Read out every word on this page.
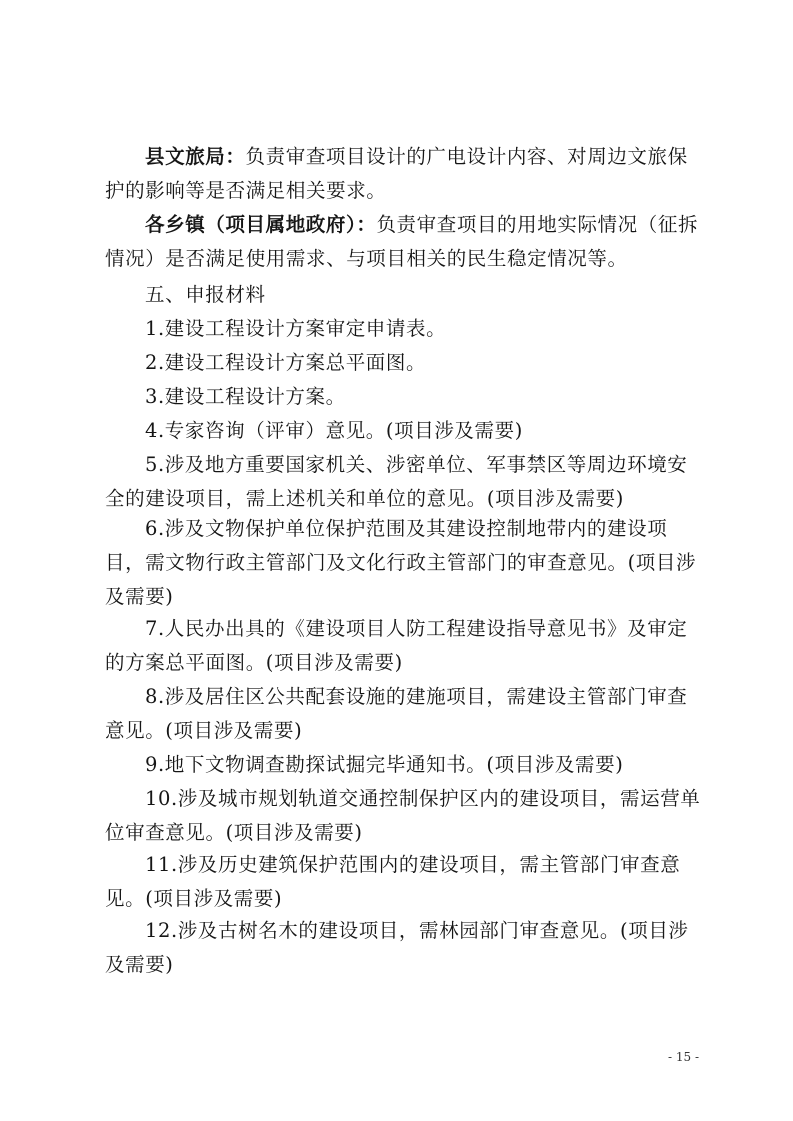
县文旅局：负责审查项目设计的广电设计内容、对周边文旅保护的影响等是否满足相关要求。
各乡镇（项目属地政府）：负责审查项目的用地实际情况（征拆情况）是否满足使用需求、与项目相关的民生稳定情况等。
五、申报材料
1.建设工程设计方案审定申请表。
2.建设工程设计方案总平面图。
3.建设工程设计方案。
4.专家咨询（评审）意见。(项目涉及需要)
5.涉及地方重要国家机关、涉密单位、军事禁区等周边环境安全的建设项目，需上述机关和单位的意见。(项目涉及需要)
6.涉及文物保护单位保护范围及其建设控制地带内的建设项目，需文物行政主管部门及文化行政主管部门的审查意见。(项目涉及需要)
7.人民办出具的《建设项目人防工程建设指导意见书》及审定的方案总平面图。(项目涉及需要)
8.涉及居住区公共配套设施的建施项目，需建设主管部门审查意见。(项目涉及需要)
9.地下文物调查勘探试掘完毕通知书。(项目涉及需要)
10.涉及城市规划轨道交通控制保护区内的建设项目，需运营单位审查意见。(项目涉及需要)
11.涉及历史建筑保护范围内的建设项目，需主管部门审查意见。(项目涉及需要)
12.涉及古树名木的建设项目，需林园部门审查意见。(项目涉及需要)
- 15 -
